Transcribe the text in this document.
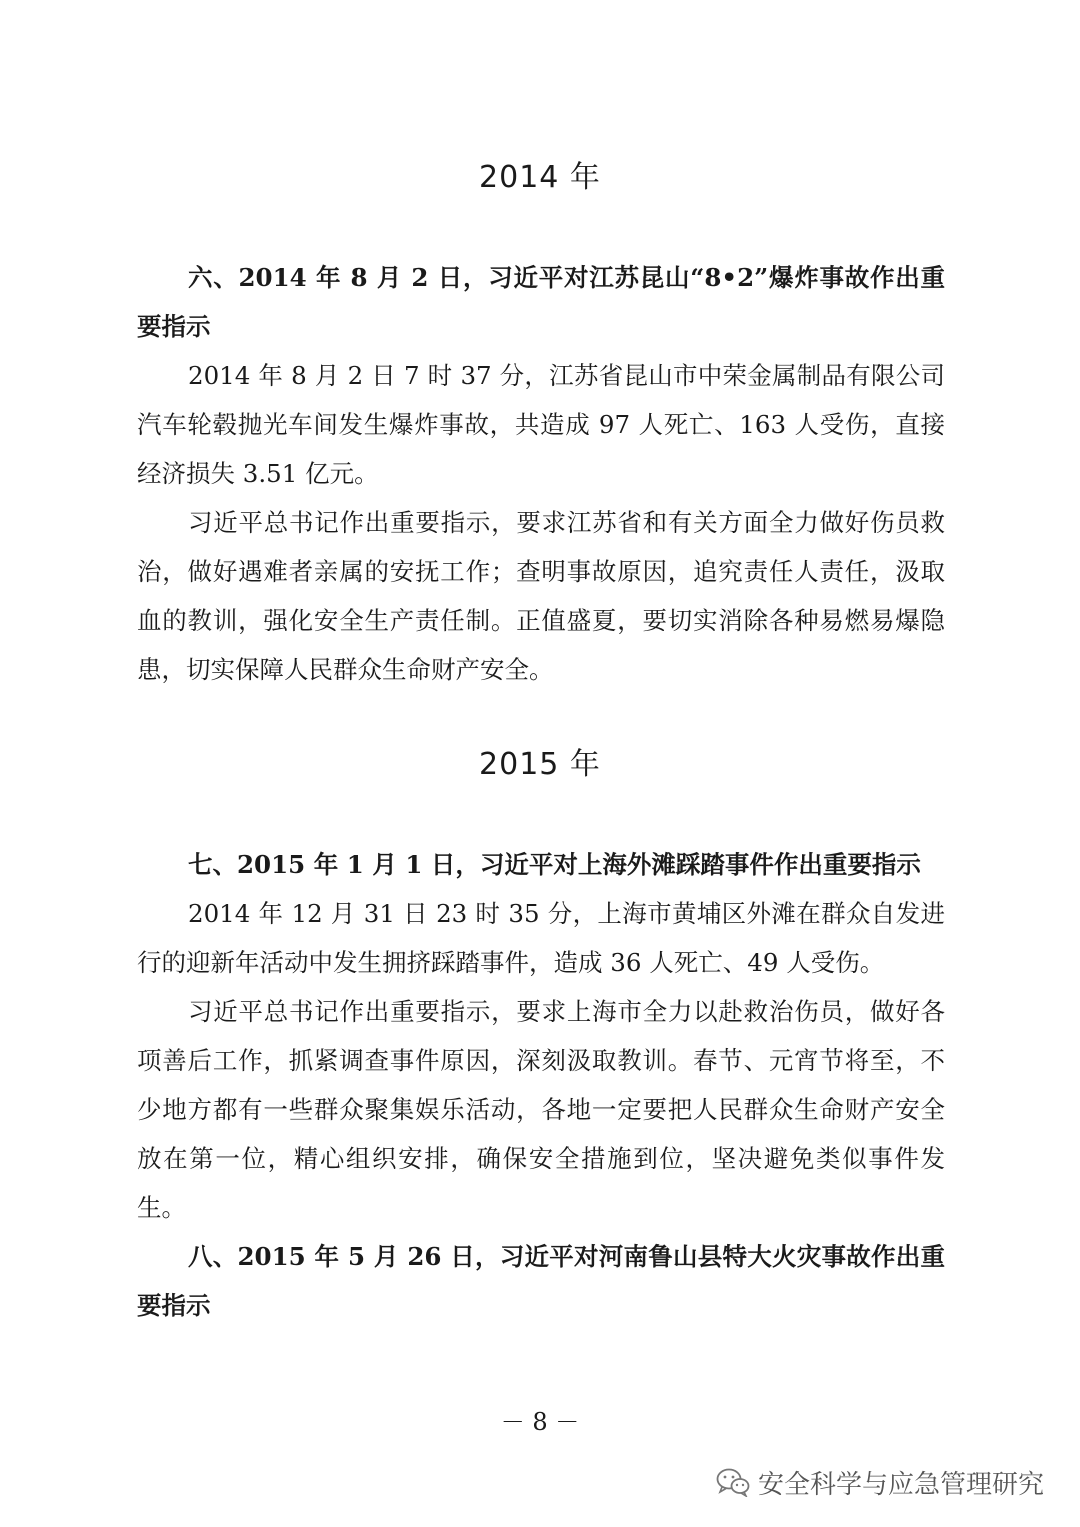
2014 年
六、2014 年 8 月 2 日，习近平对江苏昆山“8•2”爆炸事故作出重要指示
2014 年 8 月 2 日 7 时 37 分，江苏省昆山市中荣金属制品有限公司汽车轮毂抛光车间发生爆炸事故，共造成 97 人死亡、163 人受伤，直接经济损失 3.51 亿元。
习近平总书记作出重要指示，要求江苏省和有关方面全力做好伤员救治，做好遇难者亲属的安抚工作；查明事故原因，追究责任人责任，汲取血的教训，强化安全生产责任制。正值盛夏，要切实消除各种易燃易爆隐患，切实保障人民群众生命财产安全。
2015 年
七、2015 年 1 月 1 日，习近平对上海外滩踩踏事件作出重要指示
2014 年 12 月 31 日 23 时 35 分，上海市黄埔区外滩在群众自发进行的迎新年活动中发生拥挤踩踏事件，造成 36 人死亡、49 人受伤。
习近平总书记作出重要指示，要求上海市全力以赴救治伤员，做好各项善后工作，抓紧调查事件原因，深刻汲取教训。春节、元宵节将至，不少地方都有一些群众聚集娱乐活动，各地一定要把人民群众生命财产安全放在第一位，精心组织安排，确保安全措施到位，坚决避免类似事件发生。
八、2015 年 5 月 26 日，习近平对河南鲁山县特大火灾事故作出重要指示
－ 8 －
安全科学与应急管理研究
